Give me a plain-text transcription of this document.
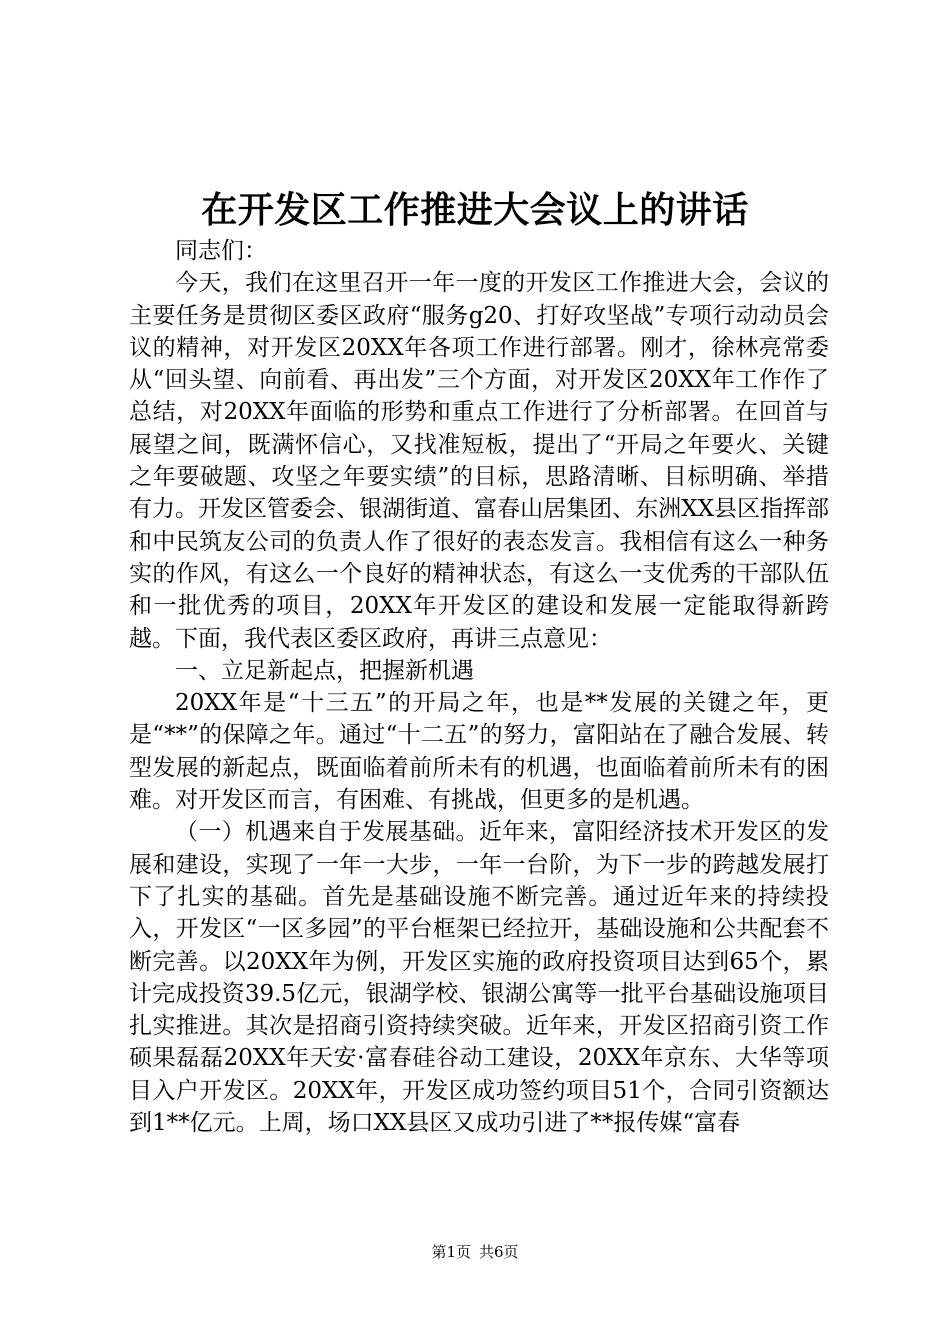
在开发区工作推进大会议上的讲话

同志们：

今天，我们在这里召开一年一度的开发区工作推进大会，会议的主要任务是贯彻区委区政府“服务g20、打好攻坚战”专项行动动员会议的精神，对开发区20XX年各项工作进行部署。刚才，徐林亮常委从“回头望、向前看、再出发”三个方面，对开发区20XX年工作作了总结，对20XX年面临的形势和重点工作进行了分析部署。在回首与展望之间，既满怀信心，又找准短板，提出了“开局之年要火、关键之年要破题、攻坚之年要实绩”的目标，思路清晰、目标明确、举措有力。开发区管委会、银湖街道、富春山居集团、东洲XX县区指挥部和中民筑友公司的负责人作了很好的表态发言。我相信有这么一种务实的作风，有这么一个良好的精神状态，有这么一支优秀的干部队伍和一批优秀的项目，20XX年开发区的建设和发展一定能取得新跨越。下面，我代表区委区政府，再讲三点意见：

一、立足新起点，把握新机遇

20XX年是“十三五”的开局之年，也是**发展的关键之年，更是“**”的保障之年。通过“十二五”的努力，富阳站在了融合发展、转型发展的新起点，既面临着前所未有的机遇，也面临着前所未有的困难。对开发区而言，有困难、有挑战，但更多的是机遇。

（一）机遇来自于发展基础。近年来，富阳经济技术开发区的发展和建设，实现了一年一大步，一年一台阶，为下一步的跨越发展打下了扎实的基础。首先是基础设施不断完善。通过近年来的持续投入，开发区“一区多园”的平台框架已经拉开，基础设施和公共配套不断完善。以20XX年为例，开发区实施的政府投资项目达到65个，累计完成投资39.5亿元，银湖学校、银湖公寓等一批平台基础设施项目扎实推进。其次是招商引资持续突破。近年来，开发区招商引资工作硕果磊磊20XX年天安·富春硅谷动工建设，20XX年京东、大华等项目入户开发区。20XX年，开发区成功签约项目51个，合同引资额达到1**亿元。上周，场口XX县区又成功引进了**报传媒“富春

第1页 共6页
